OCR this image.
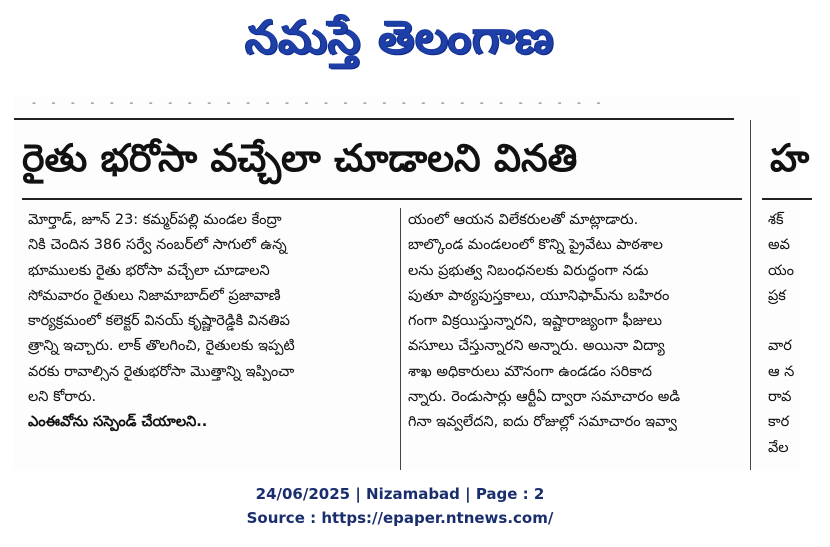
నమస్తే తెలంగాణ
- - - - - - - - - - - - - - - - - - - - - - - - - - - - - -
రైతు భరోసా వచ్చేలా చూడాలని వినతి	హ
మోర్తాడ్, జూన్ 23: కమ్మర్‌పల్లి మండల కేంద్రా
నికి చెందిన 386 సర్వే నంబర్‌లో సాగులో ఉన్న
భూములకు రైతు భరోసా వచ్చేలా చూడాలని
సోమవారం రైతులు నిజామాబాద్‌లో ప్రజావాణి
కార్యక్రమంలో కలెక్టర్ వినయ్ కృష్ణారెడ్డికి వినతిప
త్రాన్ని ఇచ్చారు. లాక్ తొలగించి, రైతులకు ఇప్పటి
వరకు రావాల్సిన రైతుభరోసా మొత్తాన్ని ఇప్పించా
లని కోరారు.
ఎంఈవోను సస్పెండ్ చేయాలని..
యంలో ఆయన విలేకరులతో మాట్లాడారు.
బాల్కొండ మండలంలో కొన్ని ప్రైవేటు పాఠశాల
లను ప్రభుత్వ నిబంధనలకు విరుద్ధంగా నడు
పుతూ పాఠ్యపుస్తకాలు, యూనిఫామ్‌ను బహిరం
గంగా విక్రయిస్తున్నారని, ఇష్టారాజ్యంగా ఫీజులు
వసూలు చేస్తున్నారని అన్నారు. అయినా విద్యా
శాఖ అధికారులు మౌనంగా ఉండడం సరికాద
న్నారు. రెండుసార్లు ఆర్టీఏ ద్వారా సమాచారం అడి
గినా ఇవ్వలేదని, ఐదు రోజుల్లో సమాచారం ఇవ్వా
శక్
అవ
యం
ప్రక
వార
ఆ న
రావ
కార
వేల
24/06/2025 | Nizamabad | Page : 2
Source : https://epaper.ntnews.com/
